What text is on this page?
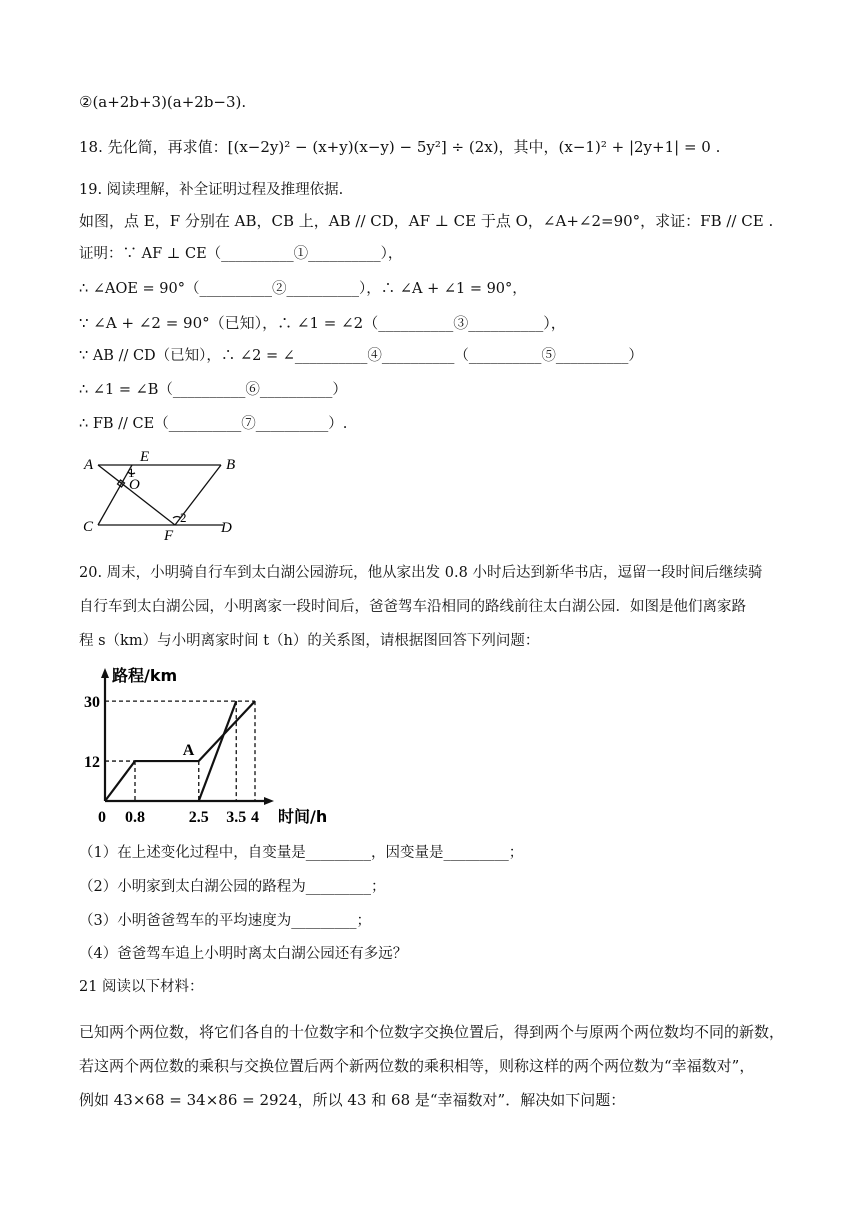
②(a+2b+3)(a+2b−3).
18. 先化简，再求值：[(x−2y)² − (x+y)(x−y) − 5y²] ÷ (2x)，其中，(x−1)² + |2y+1| = 0 .
19. 阅读理解，补全证明过程及推理依据.
如图，点 E，F 分别在 AB，CB 上，AB // CD，AF ⊥ CE 于点 O，∠A+∠2=90°，求证：FB // CE .
证明：∵ AF ⊥ CE（__________①__________），
∴ ∠AOE = 90°（__________②__________），∴ ∠A + ∠1 = 90°，
∵ ∠A + ∠2 = 90°（已知），∴ ∠1 = ∠2（__________③__________），
∵ AB // CD（已知），∴ ∠2 = ∠__________④__________（__________⑤__________）
∴ ∠1 = ∠B（__________⑥__________）
∴ FB // CE（__________⑦__________）.
A	E	B
O
C
F	D
1
2
20. 周末，小明骑自行车到太白湖公园游玩，他从家出发 0.8 小时后达到新华书店，逗留一段时间后继续骑
自行车到太白湖公园，小明离家一段时间后，爸爸驾车沿相同的路线前往太白湖公园．如图是他们离家路
程 s（km）与小明离家时间 t（h）的关系图，请根据图回答下列问题：
0.8	2.5 3.5 4
12
30
A
路程/km
时间/h
0
（1）在上述变化过程中，自变量是_________，因变量是_________；
（2）小明家到太白湖公园的路程为_________；
（3）小明爸爸驾车的平均速度为_________；
（4）爸爸驾车追上小明时离太白湖公园还有多远？
21 阅读以下材料：
已知两个两位数，将它们各自的十位数字和个位数字交换位置后，得到两个与原两个两位数均不同的新数，
若这两个两位数的乘积与交换位置后两个新两位数的乘积相等，则称这样的两个两位数为“幸福数对”，
例如 43×68 = 34×86 = 2924，所以 43 和 68 是“幸福数对”．解决如下问题：
